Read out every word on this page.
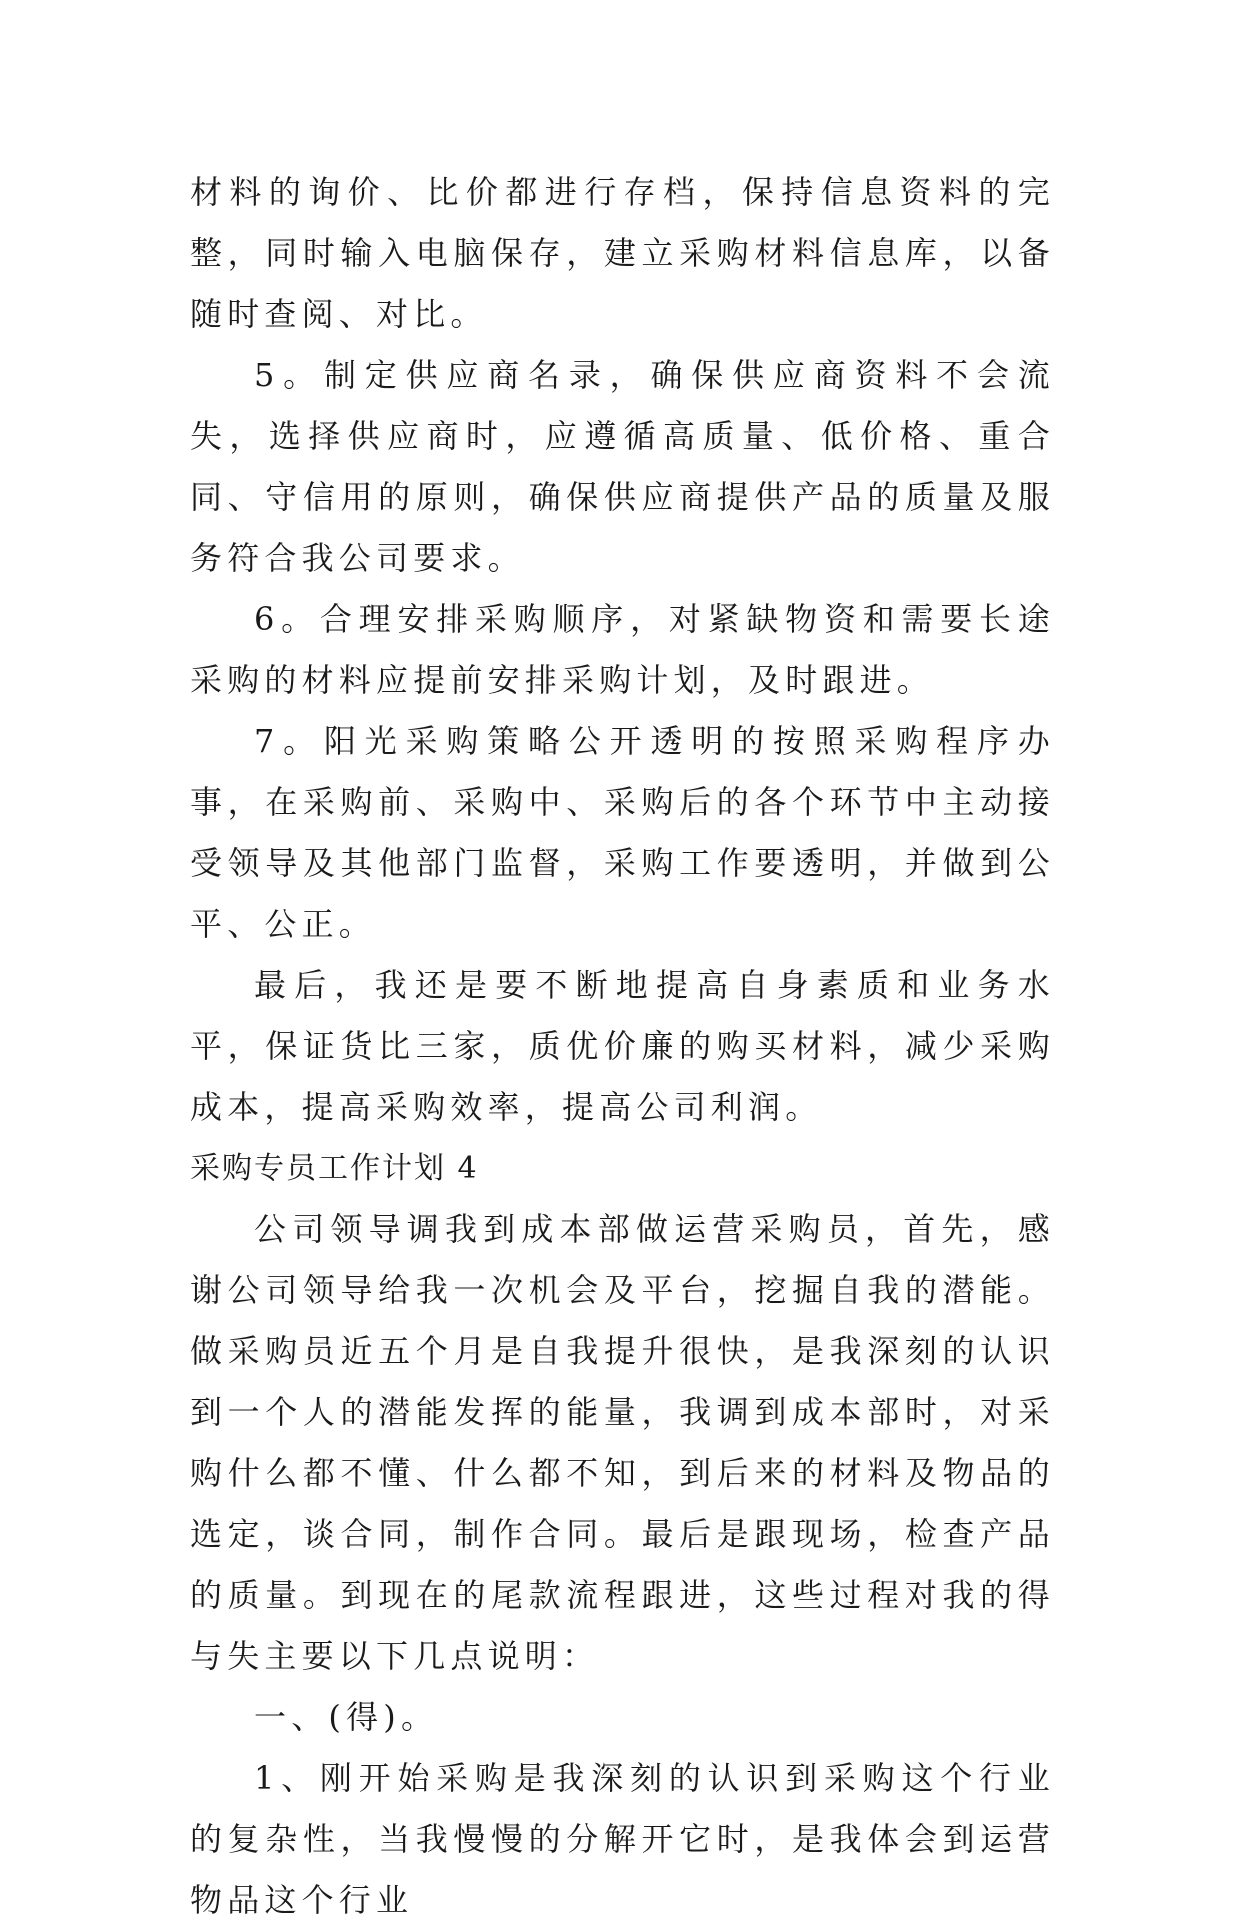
材料的询价、比价都进行存档，保持信息资料的完整，同时输入电脑保存，建立采购材料信息库，以备随时查阅、对比。

5。制定供应商名录，确保供应商资料不会流失，选择供应商时，应遵循高质量、低价格、重合同、守信用的原则，确保供应商提供产品的质量及服务符合我公司要求。

6。合理安排采购顺序，对紧缺物资和需要长途采购的材料应提前安排采购计划，及时跟进。

7。阳光采购策略公开透明的按照采购程序办事，在采购前、采购中、采购后的各个环节中主动接受领导及其他部门监督，采购工作要透明，并做到公平、公正。

最后，我还是要不断地提高自身素质和业务水平，保证货比三家，质优价廉的购买材料，减少采购成本，提高采购效率，提高公司利润。

采购专员工作计划 4

公司领导调我到成本部做运营采购员，首先，感谢公司领导给我一次机会及平台，挖掘自我的潜能。做采购员近五个月是自我提升很快，是我深刻的认识到一个人的潜能发挥的能量，我调到成本部时，对采购什么都不懂、什么都不知，到后来的材料及物品的选定，谈合同，制作合同。最后是跟现场，检查产品的质量。到现在的尾款流程跟进，这些过程对我的得与失主要以下几点说明：

一、(得)。

1、刚开始采购是我深刻的认识到采购这个行业的复杂性，当我慢慢的分解开它时，是我体会到运营物品这个行业
